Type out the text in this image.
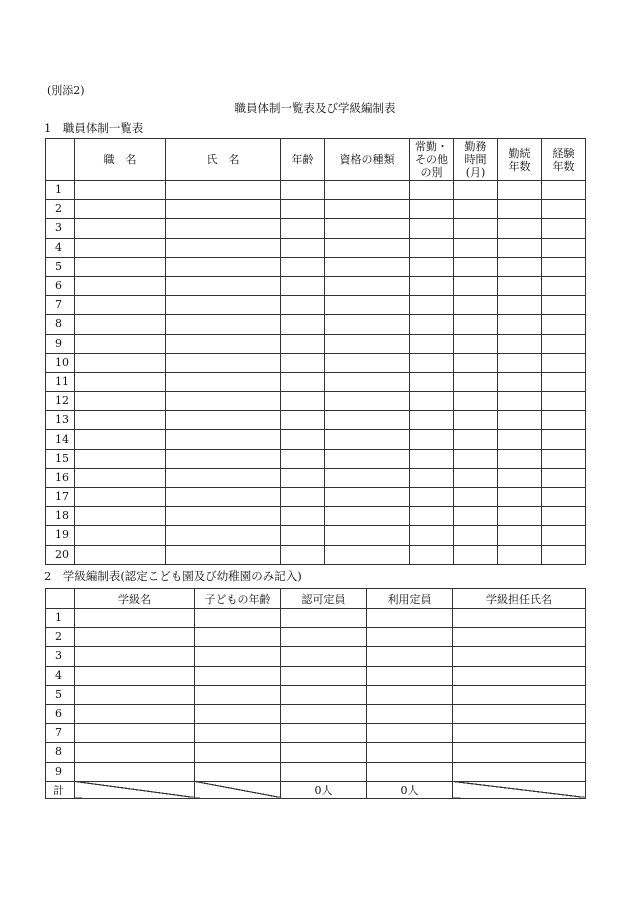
(別添2)
職員体制一覧表及び学級編制表
1　職員体制一覧表
	職　名	氏　名	年齢	資格の種類	常勤・
その他
の別	勤務
時間
(月)	勤続
年数	経験
年数

1								
2								
3								
4								
5								
6								
7								
8								
9								
10								
11								
12								
13								
14								
15								
16								
17								
18								
19								
20								
2　学級編制表(認定こども園及び幼稚園のみ記入)
	学級名	子どもの年齢	認可定員	利用定員	学級担任氏名
1					
2					
3					
4					
5					
6					
7					
8					
9					
計			0人	0人	
